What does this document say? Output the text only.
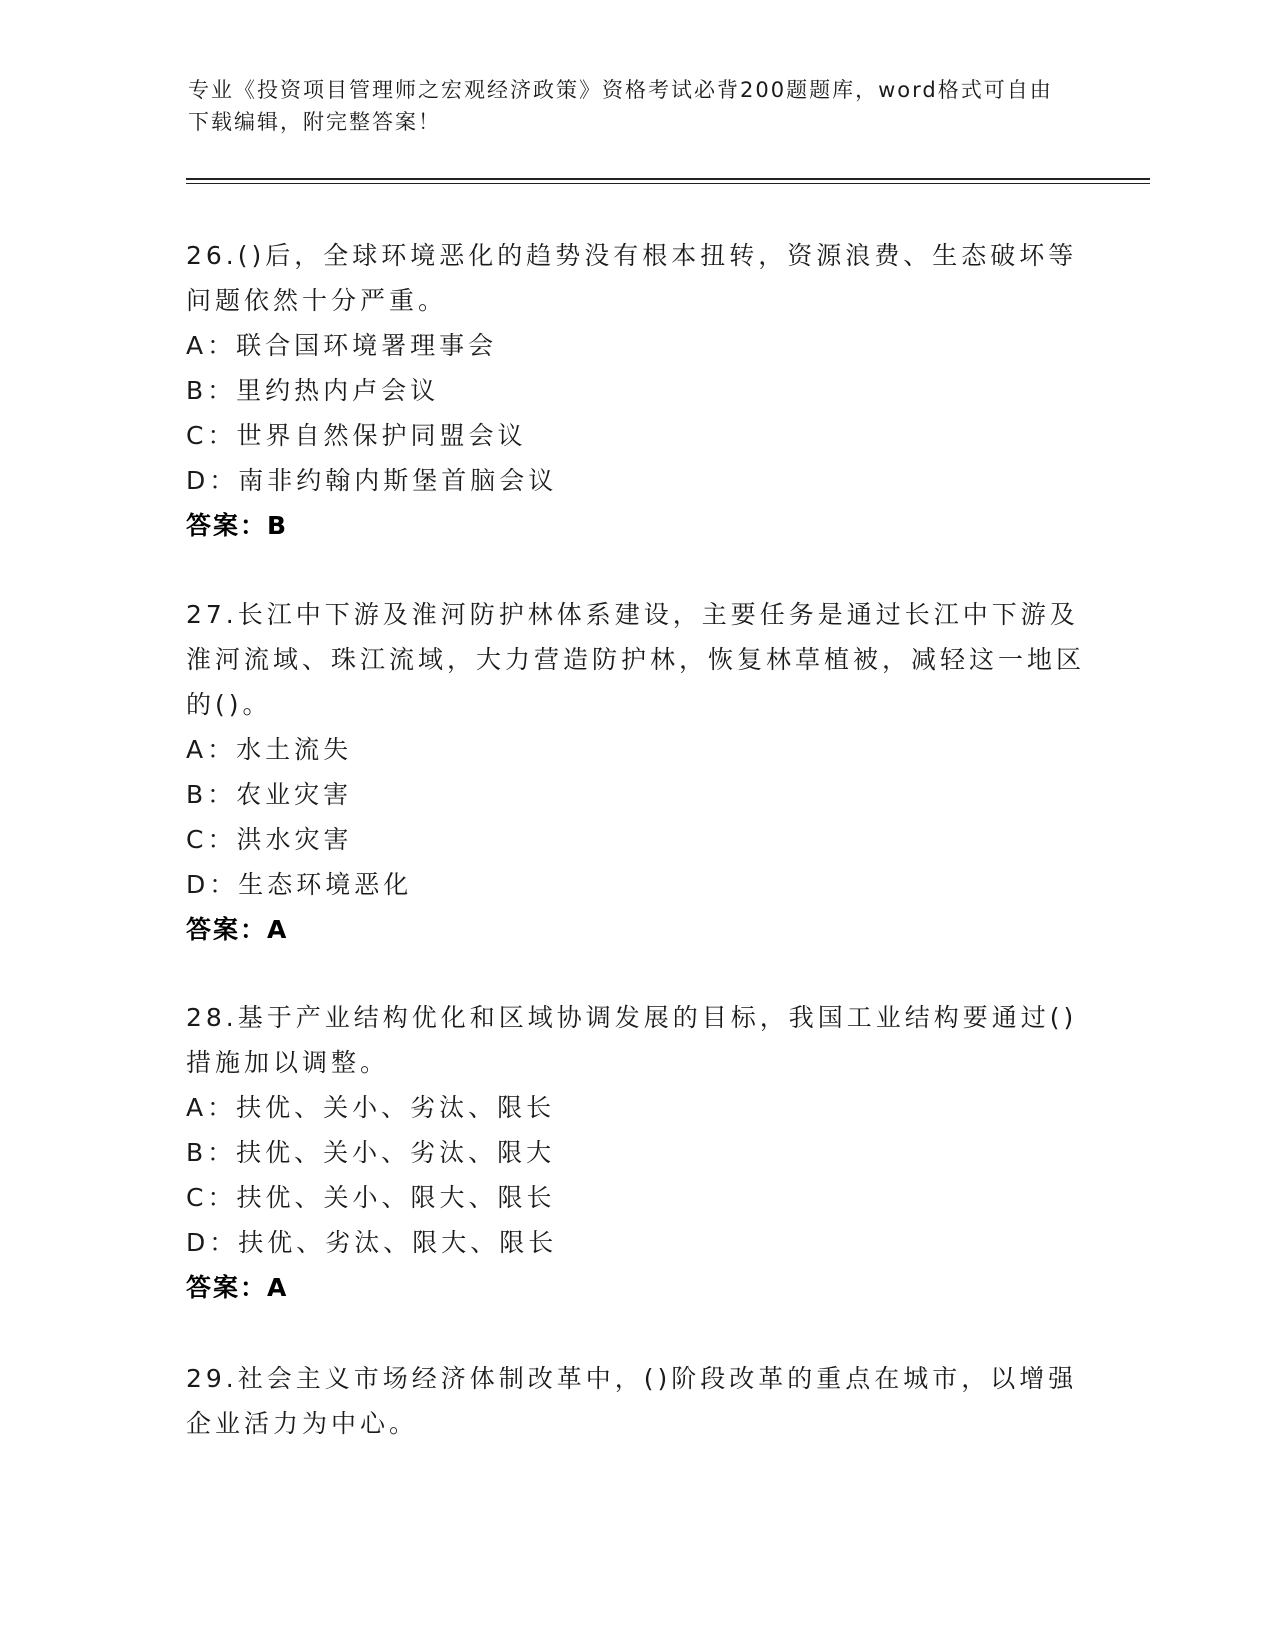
专业《投资项目管理师之宏观经济政策》资格考试必背200题题库，word格式可自由下载编辑，附完整答案！

26.()后，全球环境恶化的趋势没有根本扭转，资源浪费、生态破坏等问题依然十分严重。

A：联合国环境署理事会

B：里约热内卢会议

C：世界自然保护同盟会议

D：南非约翰内斯堡首脑会议

答案：B

27.长江中下游及淮河防护林体系建设，主要任务是通过长江中下游及淮河流域、珠江流域，大力营造防护林，恢复林草植被，减轻这一地区的()。

A：水土流失

B：农业灾害

C：洪水灾害

D：生态环境恶化

答案：A

28.基于产业结构优化和区域协调发展的目标，我国工业结构要通过()措施加以调整。

A：扶优、关小、劣汰、限长

B：扶优、关小、劣汰、限大

C：扶优、关小、限大、限长

D：扶优、劣汰、限大、限长

答案：A

29.社会主义市场经济体制改革中，()阶段改革的重点在城市，以增强企业活力为中心。
